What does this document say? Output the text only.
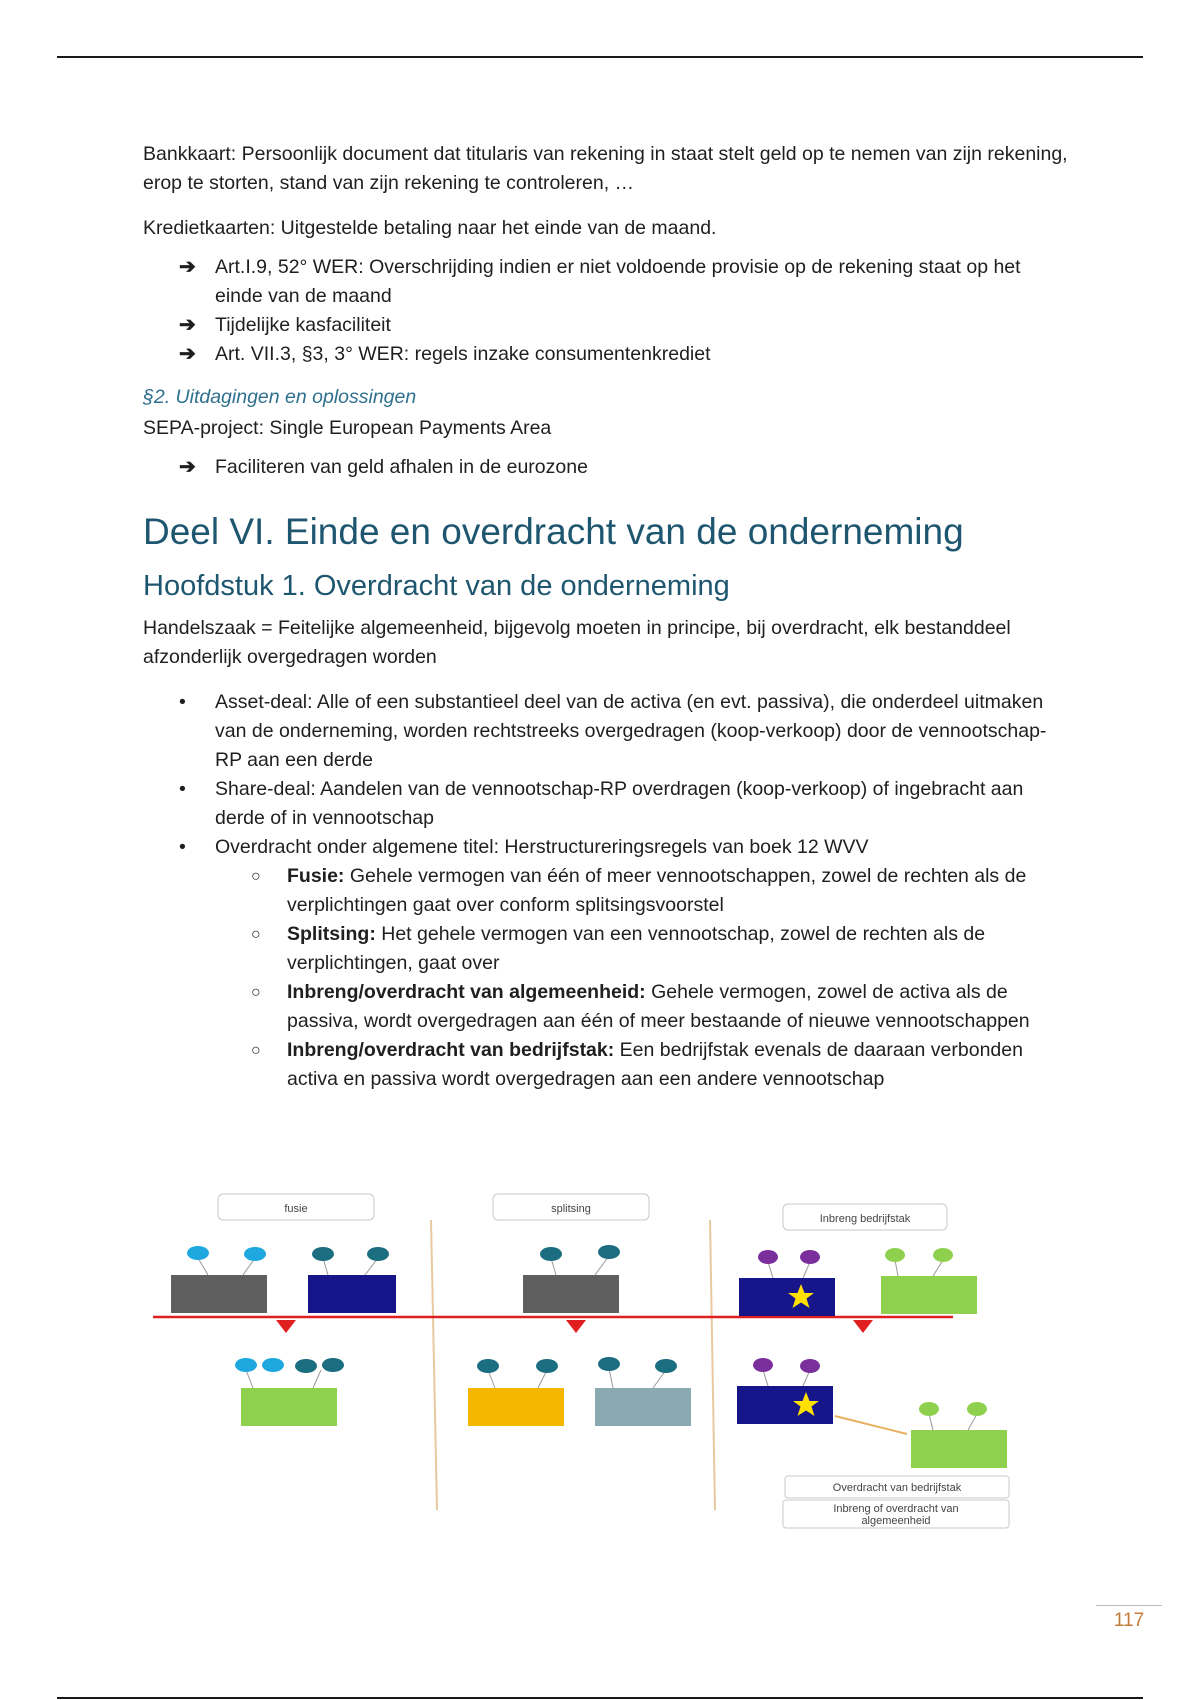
Bankkaart: Persoonlijk document dat titularis van rekening in staat stelt geld op te nemen van zijn rekening, erop te storten, stand van zijn rekening te controleren, …

Kredietkaarten: Uitgestelde betaling naar het einde van de maand.

➔ Art.I.9, 52° WER: Overschrijding indien er niet voldoende provisie op de rekening staat op het einde van de maand
➔ Tijdelijke kasfaciliteit
➔ Art. VII.3, §3, 3° WER: regels inzake consumentenkrediet
§2. Uitdagingen en oplossingen

SEPA-project: Single European Payments Area

➔ Faciliteren van geld afhalen in de eurozone
Deel VI. Einde en overdracht van de onderneming
Hoofdstuk 1. Overdracht van de onderneming

Handelszaak = Feitelijke algemeenheid, bijgevolg moeten in principe, bij overdracht, elk bestanddeel afzonderlijk overgedragen worden

• Asset-deal: Alle of een substantieel deel van de activa (en evt. passiva), die onderdeel uitmaken van de onderneming, worden rechtstreeks overgedragen (koop-verkoop) door de vennootschap-RP aan een derde
• Share-deal: Aandelen van de vennootschap-RP overdragen (koop-verkoop) of ingebracht aan derde of in vennootschap
• Overdracht onder algemene titel: Herstructureringsregels van boek 12 WVV
○ Fusie: Gehele vermogen van één of meer vennootschappen, zowel de rechten als de verplichtingen gaat over conform splitsingsvoorstel
○ Splitsing: Het gehele vermogen van een vennootschap, zowel de rechten als de verplichtingen, gaat over
○ Inbreng/overdracht van algemeenheid: Gehele vermogen, zowel de activa als de passiva, wordt overgedragen aan één of meer bestaande of nieuwe vennootschappen
○ Inbreng/overdracht van bedrijfstak: Een bedrijfstak evenals de daaraan verbonden activa en passiva wordt overgedragen aan een andere vennootschap
fusie	splitsing
Inbreng bedrijfstak
Overdracht van bedrijfstak
Inbreng of overdracht van
algemeenheid
117
